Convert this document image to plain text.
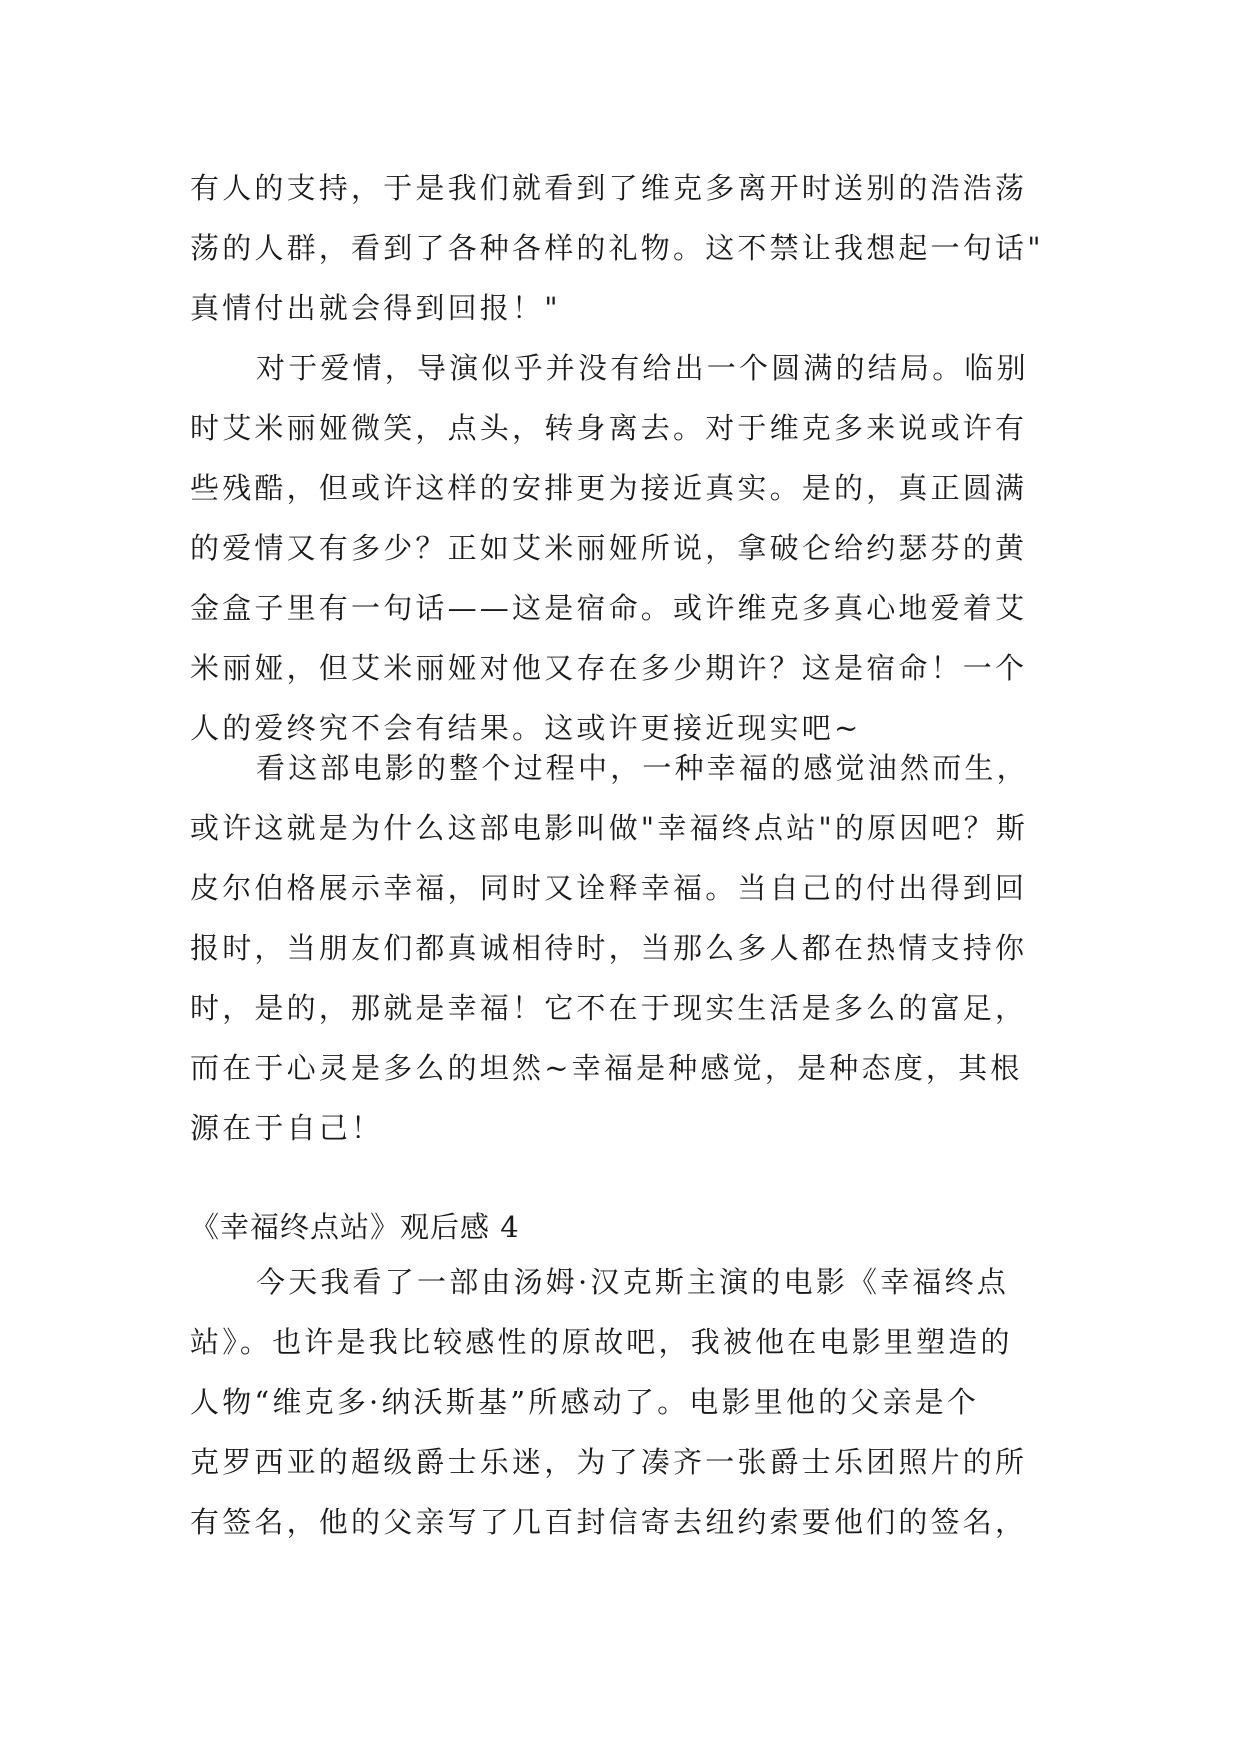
有人的支持，于是我们就看到了维克多离开时送别的浩浩荡
荡的人群，看到了各种各样的礼物。这不禁让我想起一句话"
真情付出就会得到回报！"
对于爱情，导演似乎并没有给出一个圆满的结局。临别
时艾米丽娅微笑，点头，转身离去。对于维克多来说或许有
些残酷，但或许这样的安排更为接近真实。是的，真正圆满
的爱情又有多少？正如艾米丽娅所说，拿破仑给约瑟芬的黄
金盒子里有一句话——这是宿命。或许维克多真心地爱着艾
米丽娅，但艾米丽娅对他又存在多少期许？这是宿命！一个
人的爱终究不会有结果。这或许更接近现实吧~
看这部电影的整个过程中，一种幸福的感觉油然而生，
或许这就是为什么这部电影叫做"幸福终点站"的原因吧？斯
皮尔伯格展示幸福，同时又诠释幸福。当自己的付出得到回
报时，当朋友们都真诚相待时，当那么多人都在热情支持你
时，是的，那就是幸福！它不在于现实生活是多么的富足，
而在于心灵是多么的坦然~幸福是种感觉，是种态度，其根
源在于自己！
《幸福终点站》观后感 4
今天我看了一部由汤姆·汉克斯主演的电影《幸福终点
站》。也许是我比较感性的原故吧，我被他在电影里塑造的
人物“维克多·纳沃斯基”所感动了。电影里他的父亲是个
克罗西亚的超级爵士乐迷，为了凑齐一张爵士乐团照片的所
有签名，他的父亲写了几百封信寄去纽约索要他们的签名，
